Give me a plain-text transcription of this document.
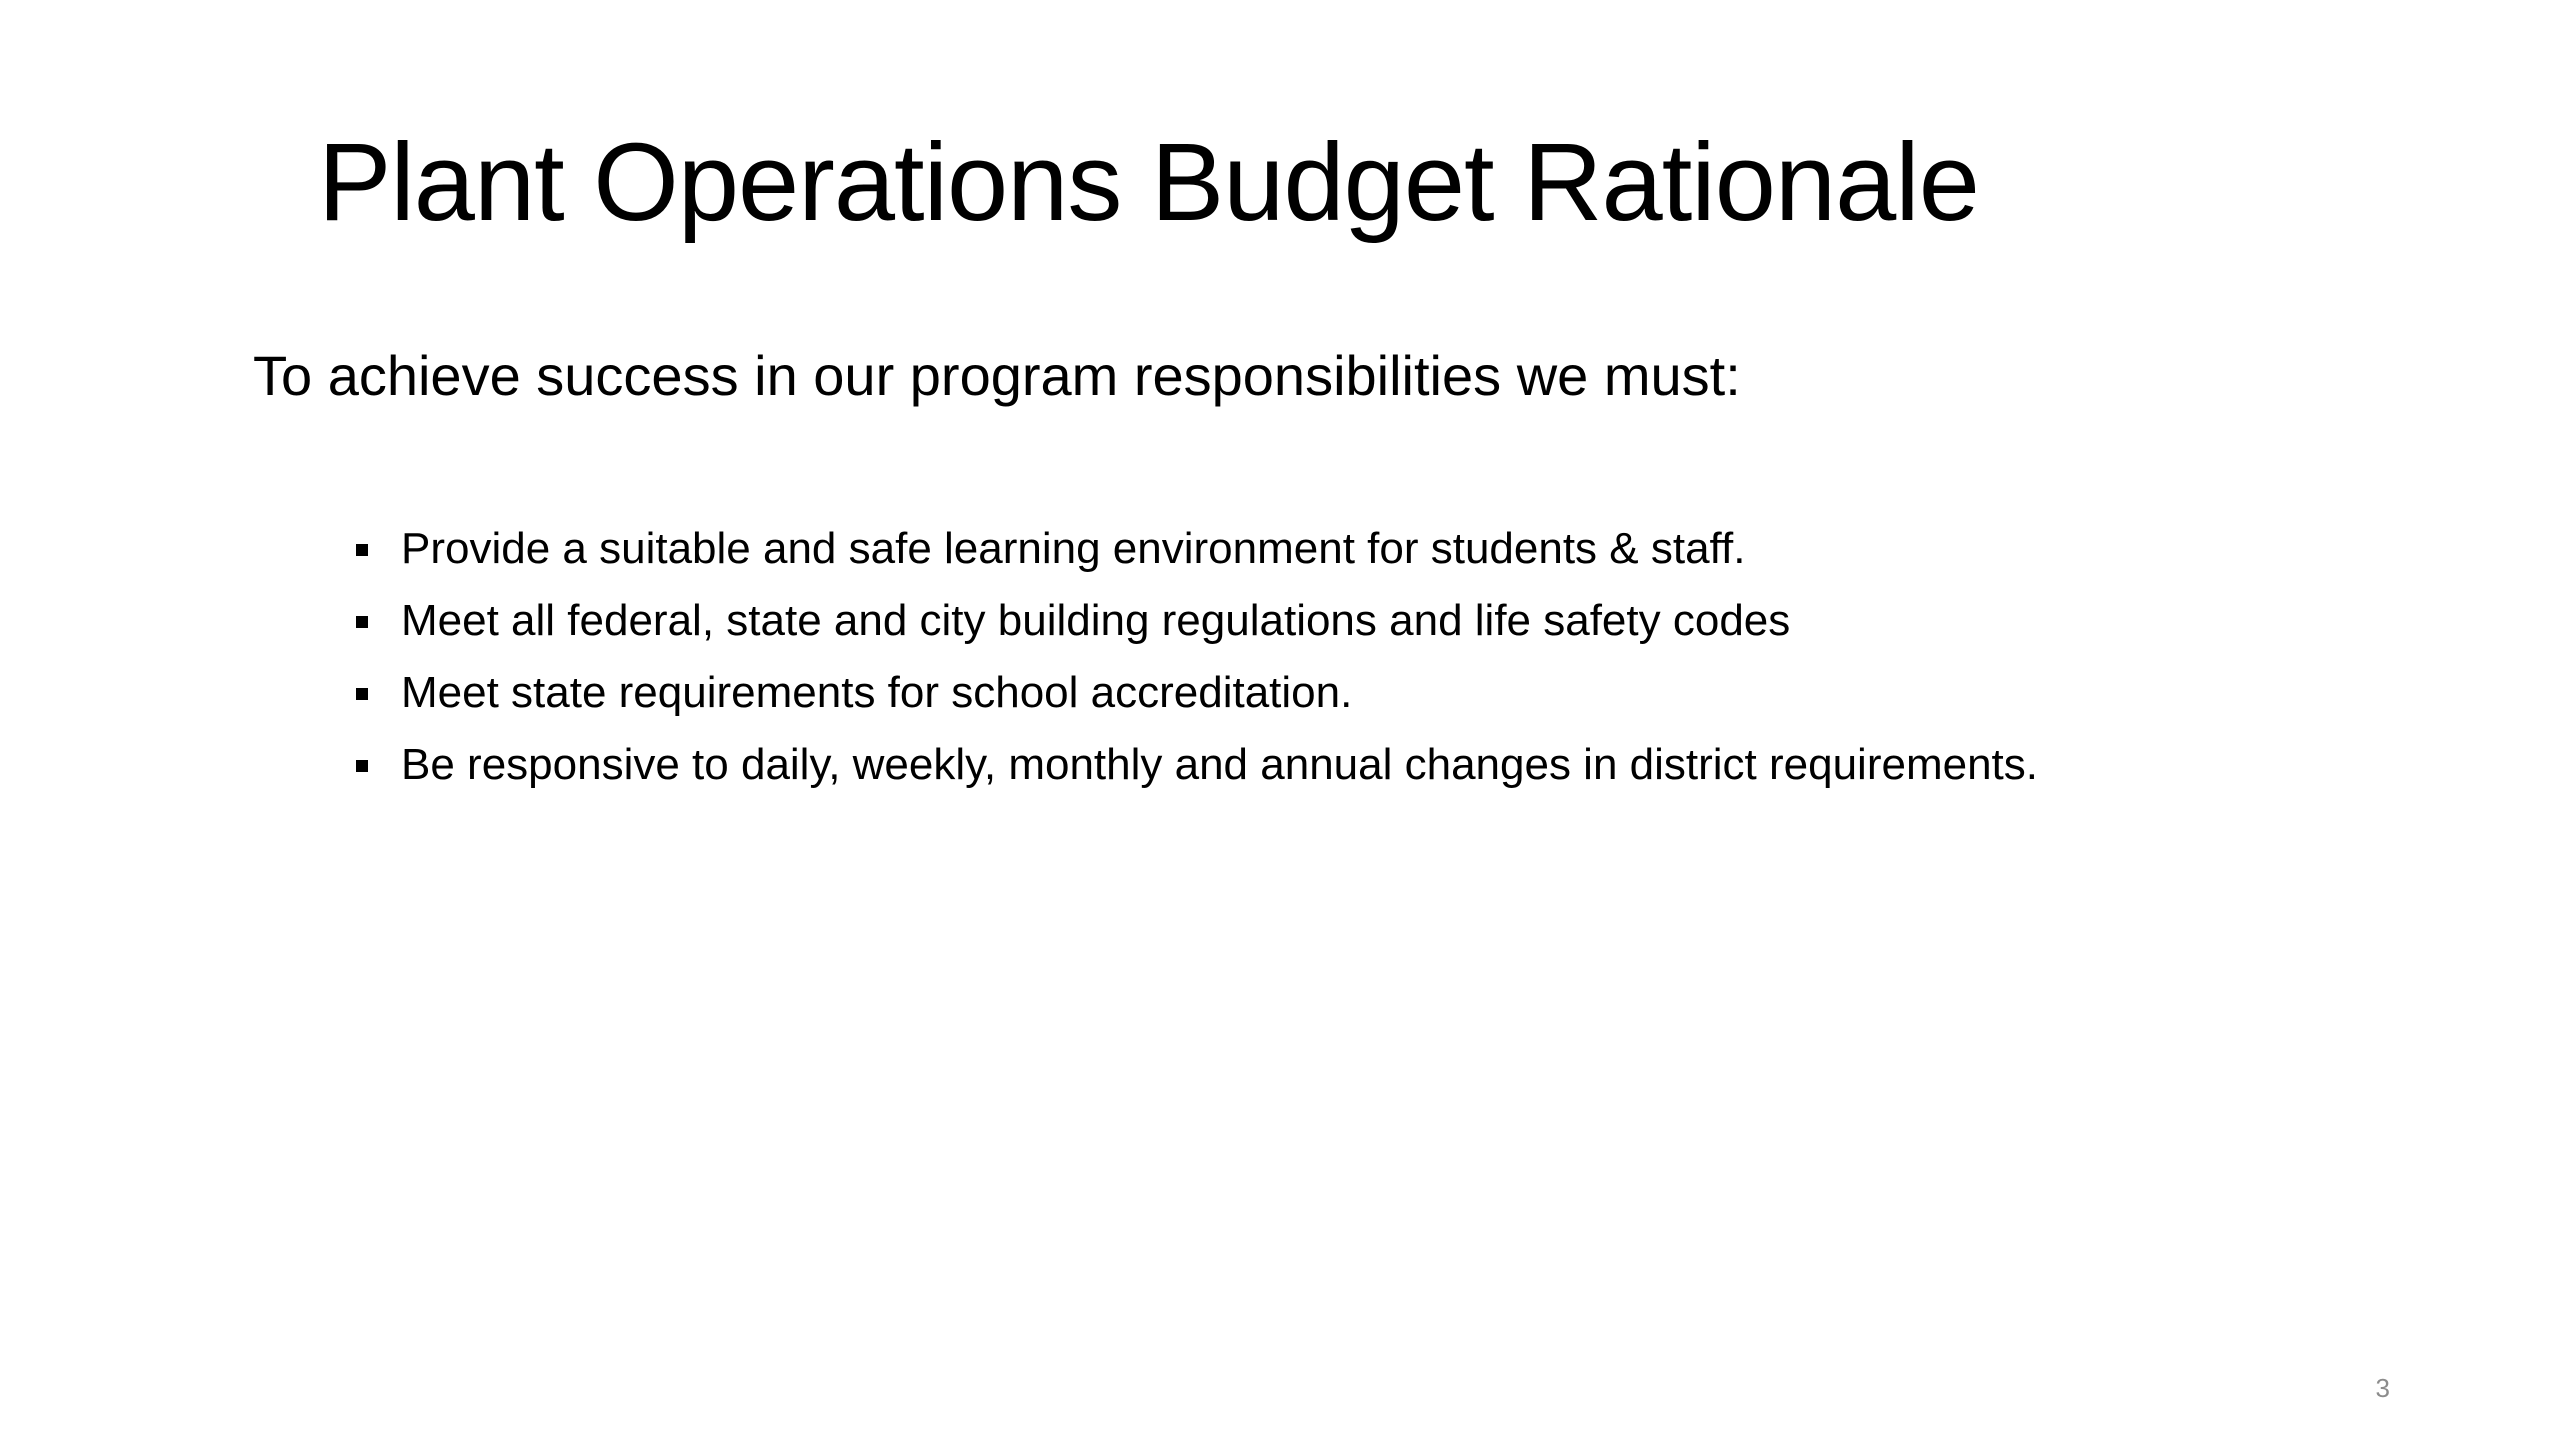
Plant Operations Budget Rationale

To achieve success in our program responsibilities we must:

Provide a suitable and safe learning environment for students & staff.
Meet all federal, state and city building regulations and life safety codes
Meet state requirements for school accreditation.
Be responsive to daily, weekly, monthly and annual changes in district requirements.
3
